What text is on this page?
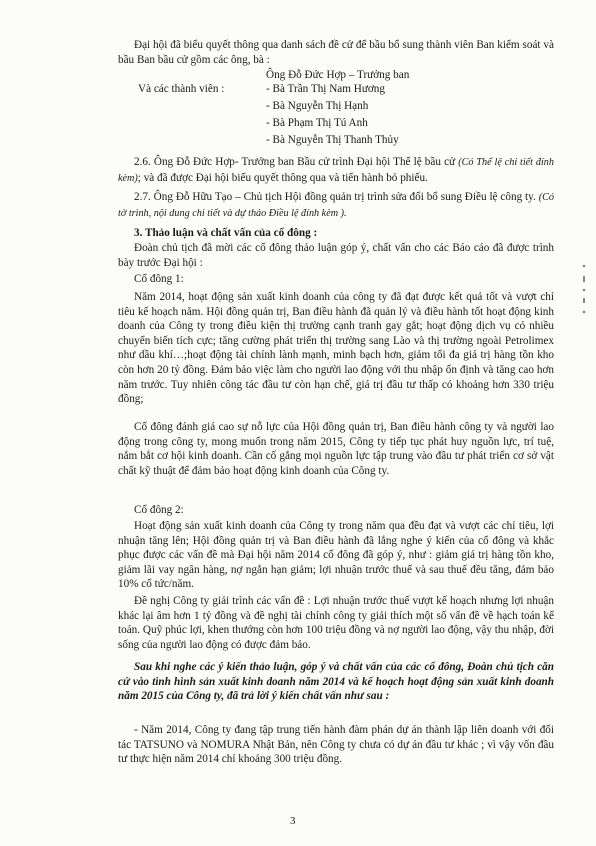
Đại hội đã biểu quyết thông qua danh sách đề cử để bầu bổ sung thành viên Ban kiểm soát và bầu Ban bầu cử gồm các ông, bà :

Ông Đỗ Đức Hợp – Trưởng ban

Và các thành viên :	- Bà Trần Thị Nam Hương

- Bà Nguyễn Thị Hạnh

- Bà Phạm Thị Tú Anh

- Bà Nguyễn Thị Thanh Thủy

2.6. Ông Đỗ Đức Hợp- Trưởng ban Bầu cử trình Đại hội Thể lệ bầu cử (Có Thể lệ chi tiết đính kèm); và đã được Đại hội biểu quyết thông qua và tiến hành bỏ phiếu.

2.7. Ông Đỗ Hữu Tạo – Chủ tịch Hội đồng quản trị trình sửa đổi bổ sung Điều lệ công ty. (Có tờ trình, nội dung chi tiết và dự thảo Điều lệ đính kèm ).

3. Thảo luận và chất vấn của cổ đông :

Đoàn chủ tịch đã mời các cổ đông thảo luận góp ý, chất vấn cho các Báo cáo đã được trình bày trước Đại hội :

Cổ đông 1:

Năm 2014, hoạt động sản xuất kinh doanh của công ty đã đạt được kết quả tốt và vượt chỉ tiêu kế hoạch năm. Hội đồng quản trị, Ban điều hành đã quản lý và điều hành tốt hoạt động kinh doanh của Công ty trong điều kiện thị trường cạnh tranh gay gắt; hoạt động dịch vụ có nhiều chuyển biến tích cực; tăng cường phát triển thị trường sang Lào và thị trường ngoài Petrolimex như dầu khí…;hoạt động tài chính lành mạnh, minh bạch hơn, giảm tối đa giá trị hàng tồn kho còn hơn 20 tỷ đồng. Đảm bảo việc làm cho người lao động với thu nhập ổn định và tăng cao hơn năm trước. Tuy nhiên công tác đầu tư còn hạn chế, giá trị đầu tư thấp có khoảng hơn 330 triệu đồng;

Cổ đông đánh giá cao sự nỗ lực của Hội đồng quản trị, Ban điều hành công ty và người lao động trong công ty, mong muốn trong năm 2015, Công ty tiếp tục phát huy nguồn lực, trí tuệ, nắm bắt cơ hội kinh doanh. Cần cố gắng mọi nguồn lực tập trung vào đầu tư phát triển cơ sở vật chất kỹ thuật để đảm bảo hoạt động kinh doanh của Công ty.

Cổ đông 2:

Hoạt động sản xuất kinh doanh của Công ty trong năm qua đều đạt và vượt các chỉ tiêu, lợi nhuận tăng lên; Hội đồng quản trị và Ban điều hành đã lắng nghe ý kiến của cổ đông và khắc phục được các vấn đề mà Đại hội năm 2014 cổ đông đã góp ý, như : giảm giá trị hàng tồn kho, giảm lãi vay ngân hàng, nợ ngắn hạn giảm; lợi nhuận trước thuế và sau thuế đều tăng, đảm bảo 10% cổ tức/năm.

Đề nghị Công ty giải trình các vấn đề : Lợi nhuận trước thuế vượt kế hoạch nhưng lợi nhuận khác lại âm hơn 1 tỷ đồng và đề nghị tài chính công ty giải thích một số vấn đề về hạch toán kế toán. Quỹ phúc lợi, khen thưởng còn hơn 100 triệu đồng và nợ người lao động, vậy thu nhập, đời sống của người lao động có được đảm bảo.

Sau khi nghe các ý kiến thảo luận, góp ý và chất vấn của các cổ đông, Đoàn chủ tịch căn cứ vào tình hình sản xuất kinh doanh năm 2014 và kế hoạch hoạt động sản xuất kinh doanh năm 2015 của Công ty, đã trả lời ý kiến chất vấn như sau :

- Năm 2014, Công ty đang tập trung tiến hành đàm phán dự án thành lập liên doanh với đối tác TATSUNO và NOMURA Nhật Bản, nên Công ty chưa có dự án đầu tư khác ; vì vậy vốn đầu tư thực hiện năm 2014 chỉ khoảng 300 triệu đồng.

3
